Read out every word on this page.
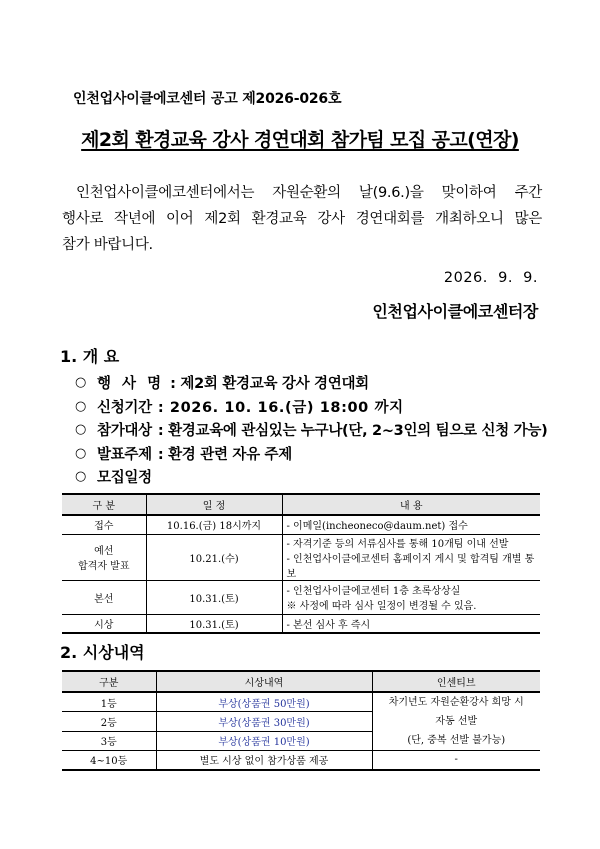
인천업사이클에코센터 공고 제2026-026호
제2회 환경교육 강사 경연대회 참가팀 모집 공고(연장)

인천업사이클에코센터에서는 자원순환의 날(9.6.)을 맞이하여 주간

행사로 작년에 이어 제2회 환경교육 강사 경연대회를 개최하오니 많은

참가 바랍니다.

2026.  9.  9.
인천업사이클에코센터장
1. 개 요
○ 행 사 명 : 제2회 환경교육 강사 경연대회
○ 신청기간 : 2026. 10. 16.(금) 18:00 까지
○ 참가대상 : 환경교육에 관심있는 누구나(단, 2~3인의 팀으로 신청 가능)
○ 발표주제 : 환경 관련 자유 주제
○ 모집일정
구 분	일 정	내 용
접수	10.16.(금) 18시까지	- 이메일(incheoneco@daum.net) 접수

예선
합격자 발표	10.21.(수)	- 자격기준 등의 서류심사를 통해 10개팀 이내 선발
- 인천업사이클에코센터 홈페이지 게시 및 합격팀 개별 통보

본선	10.31.(토)	- 인천업사이클에코센터 1층 초록상상실
※ 사정에 따라 심사 일정이 변경될 수 있음.

시상	10.31.(토)	- 본선 심사 후 즉시
2. 시상내역
구분	시상내역	인센티브
1등	부상(상품권 50만원)	차기년도 자원순환강사 희망 시
자동 선발
(단, 중복 선발 불가능)

2등	부상(상품권 30만원)	
3등	부상(상품권 10만원)	
4~10등	별도 시상 없이 참가상품 제공	-
